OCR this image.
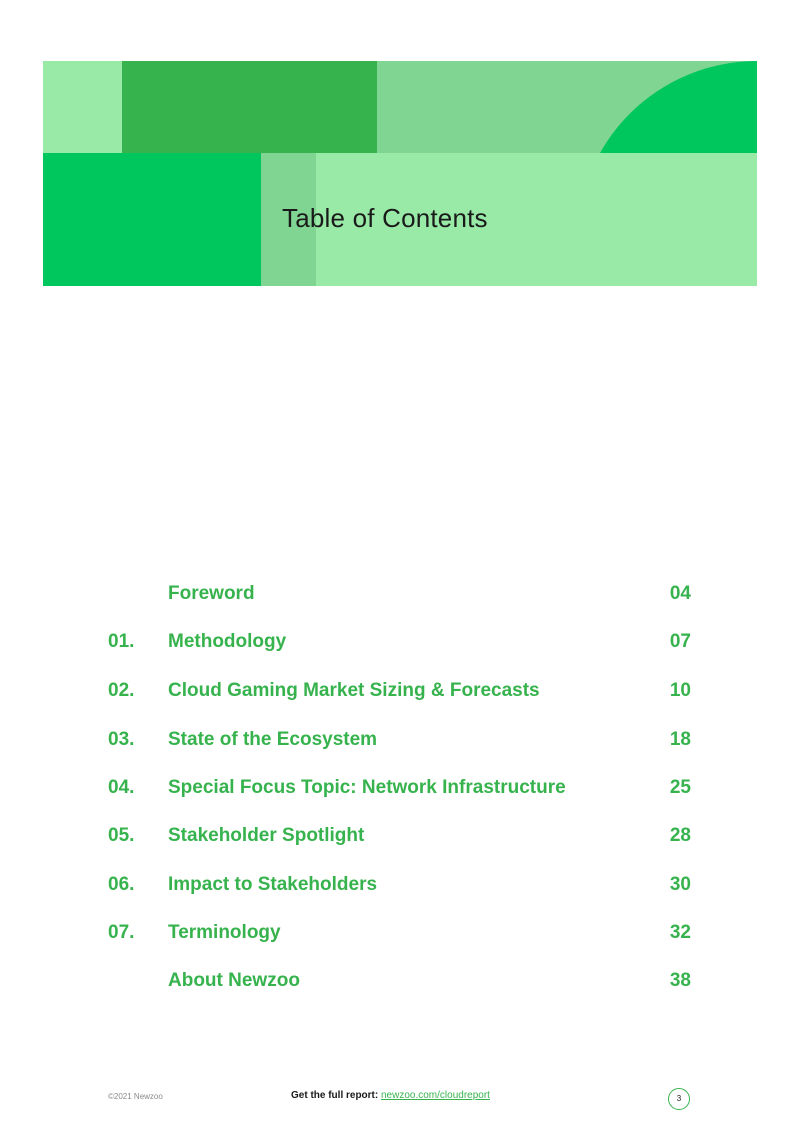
Table of Contents
Foreword	04
01. Methodology	07
02. Cloud Gaming Market Sizing & Forecasts	10
03. State of the Ecosystem	18
04. Special Focus Topic: Network Infrastructure	25
05. Stakeholder Spotlight	28
06. Impact to Stakeholders	30
07. Terminology	32
About Newzoo	38
©2021 Newzoo	Get the full report: newzoo.com/cloudreport	3
